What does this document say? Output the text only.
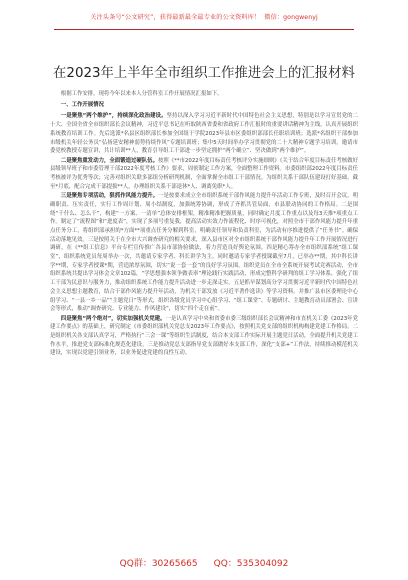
关注头条号“公文研究”，获得最新最全最专业的公文资料库！ 微信：gongwenyj
在2023年上半年全市组织工作推进会上的汇报材料

根据工作安排，现将今年以来本人分管科室工作开展情况汇报如下。

一、工作开展情况

一是聚焦“两个维护”，持续深化政治建设。坚持以深入学习习近平新时代中国特色社会主义思想，特别是以学习宣贯党的二十大、全国全省全市组织部长会议精神，习近平总书记在听取陕西省委和省政府工作汇报时的重要讲话精神为主线，认真开展组织系统教育培训工作。先后选派*名县区组织部长参加全国组干学院2023年县市区委组织部部长任职培训班；选派*名组织干部参加市级机关年轻公务员“弘扬延安精神弱势持续作风”专题培训班；集中5天时间举办学习贯彻党的二十大精神专题学习培训，邀请市委党校教授专题宣讲，共计培训**人，教育引导组工干部进一步坚定拥护“两个确立”、坚决做到“两个维护”。

二是聚焦重发动力，全面锻造过硬队伍。按照《**市2022年度目标责任考核评分实施细则》《关于结合年度目标责任考核做好县级领导班子和市委管理干部2022年度考核工作》要求，周密制定工作方案，全面整理工作资料。市委组织部2022年度目标责任考核被评为优秀等次；完善对组织关联多部组分析研判机制，全面掌握全市组工干部情况。为组织关系干部队伍建设打好基础。截至*月底，配合完成干部提拔**人，办理组织关系干部退休*人、调离免职*人。

三是聚焦专项活动，狠抓作风能力提升。一是按要求成立全市组织系统干部作风能力提升年活动工作专班，及时召开会议，明确职责、压实责任，实行工作周计划、周小结制度，加强统筹协调，形成了齐抓共管局面，市县联动协同的工作格局。二是围绕“干什么、怎么干”，构建“一方案、一清单”总体安排框架，精准精准把握质量，同时确定月度工作重点以及每3天推*项重点工作。制定了“流程图”和“进度表”，实现了多项号重复我，提高活动实效力作流程化、时序可视化，对照全市干部作风能力提升年重点任务分工，将组织部承担的*方面**项重点任务分解到科室，明确责任领导和负责科室，为活动有序推进提供了“任务书”。确保活动落地见效。三是按照关于在全市大兴调查研究的相关要求，深入县市区对全市组织系统干部作风能力提升年工作开展情况进行调研，在《**组工信息》平台专栏宣传推广各县市部协验做法，着力营造良好舆论氛围。四是精心筹办全市组织部系统“组工课堂”，组织系统党员每周举办一次，共邀请专家学者、科长讲学为主。同时邀请专家学者授课截至7月，已举办**期，其中科长讲学**期，专家学者授课*期，营造浓厚氛围，切实“说一套一套”的良好学习氛围。组织党员在全市全系统开展考试竞赛活动，全市组织系统共提出学习体会文章102篇，“学思想强本领争做表率”理论践行实践活动，形成完整科学研判的组工学习体系，强化了组工干部为民意识与服务力，推动组织系统工作能力提升活动进一步走深走实。五是抓早谋划高分学习贯彻习近平新时代中国特色社会主义思想主题教育，结合干部作风能力提升年活动，为机关干部发放《习近平著作选读》等学习资料，并推广县市区委理论中心组学习、“一县一乡一品”“主题党日”等形式，组织各级党员学习中心组学习、“组工课堂”、专题研讨、主题教育动员部署会、宣讲会等形式，推动“调查研究、专业能力、作风建设”，切实“四个走在前”。

四是聚焦“两个绝对”，切实加强机关党建。一是认真学习中央和省委市委三级组织部长会议精神和市直机关工委《2023年党建工作要点》的基础上，研究制定《市委组织部机关党总支2023年工作要点》，按照机关党支部的组织机构构建党建工作格局。二是组织机关各支部认真学习，严格执行“三会一课”等组织生活制度，结合本支部工作实际开展主题党日活动，全面提升机关党建工作水平，推进党支部标准化规范化建设。三是推动党总支部指导党支部做好本支部工作，深化“支部+”工作法，持续推动模范机关建设，实现以党建引领业务，以业务促进党建的良性互动。

QQ群：30265665 QQ：535304092
